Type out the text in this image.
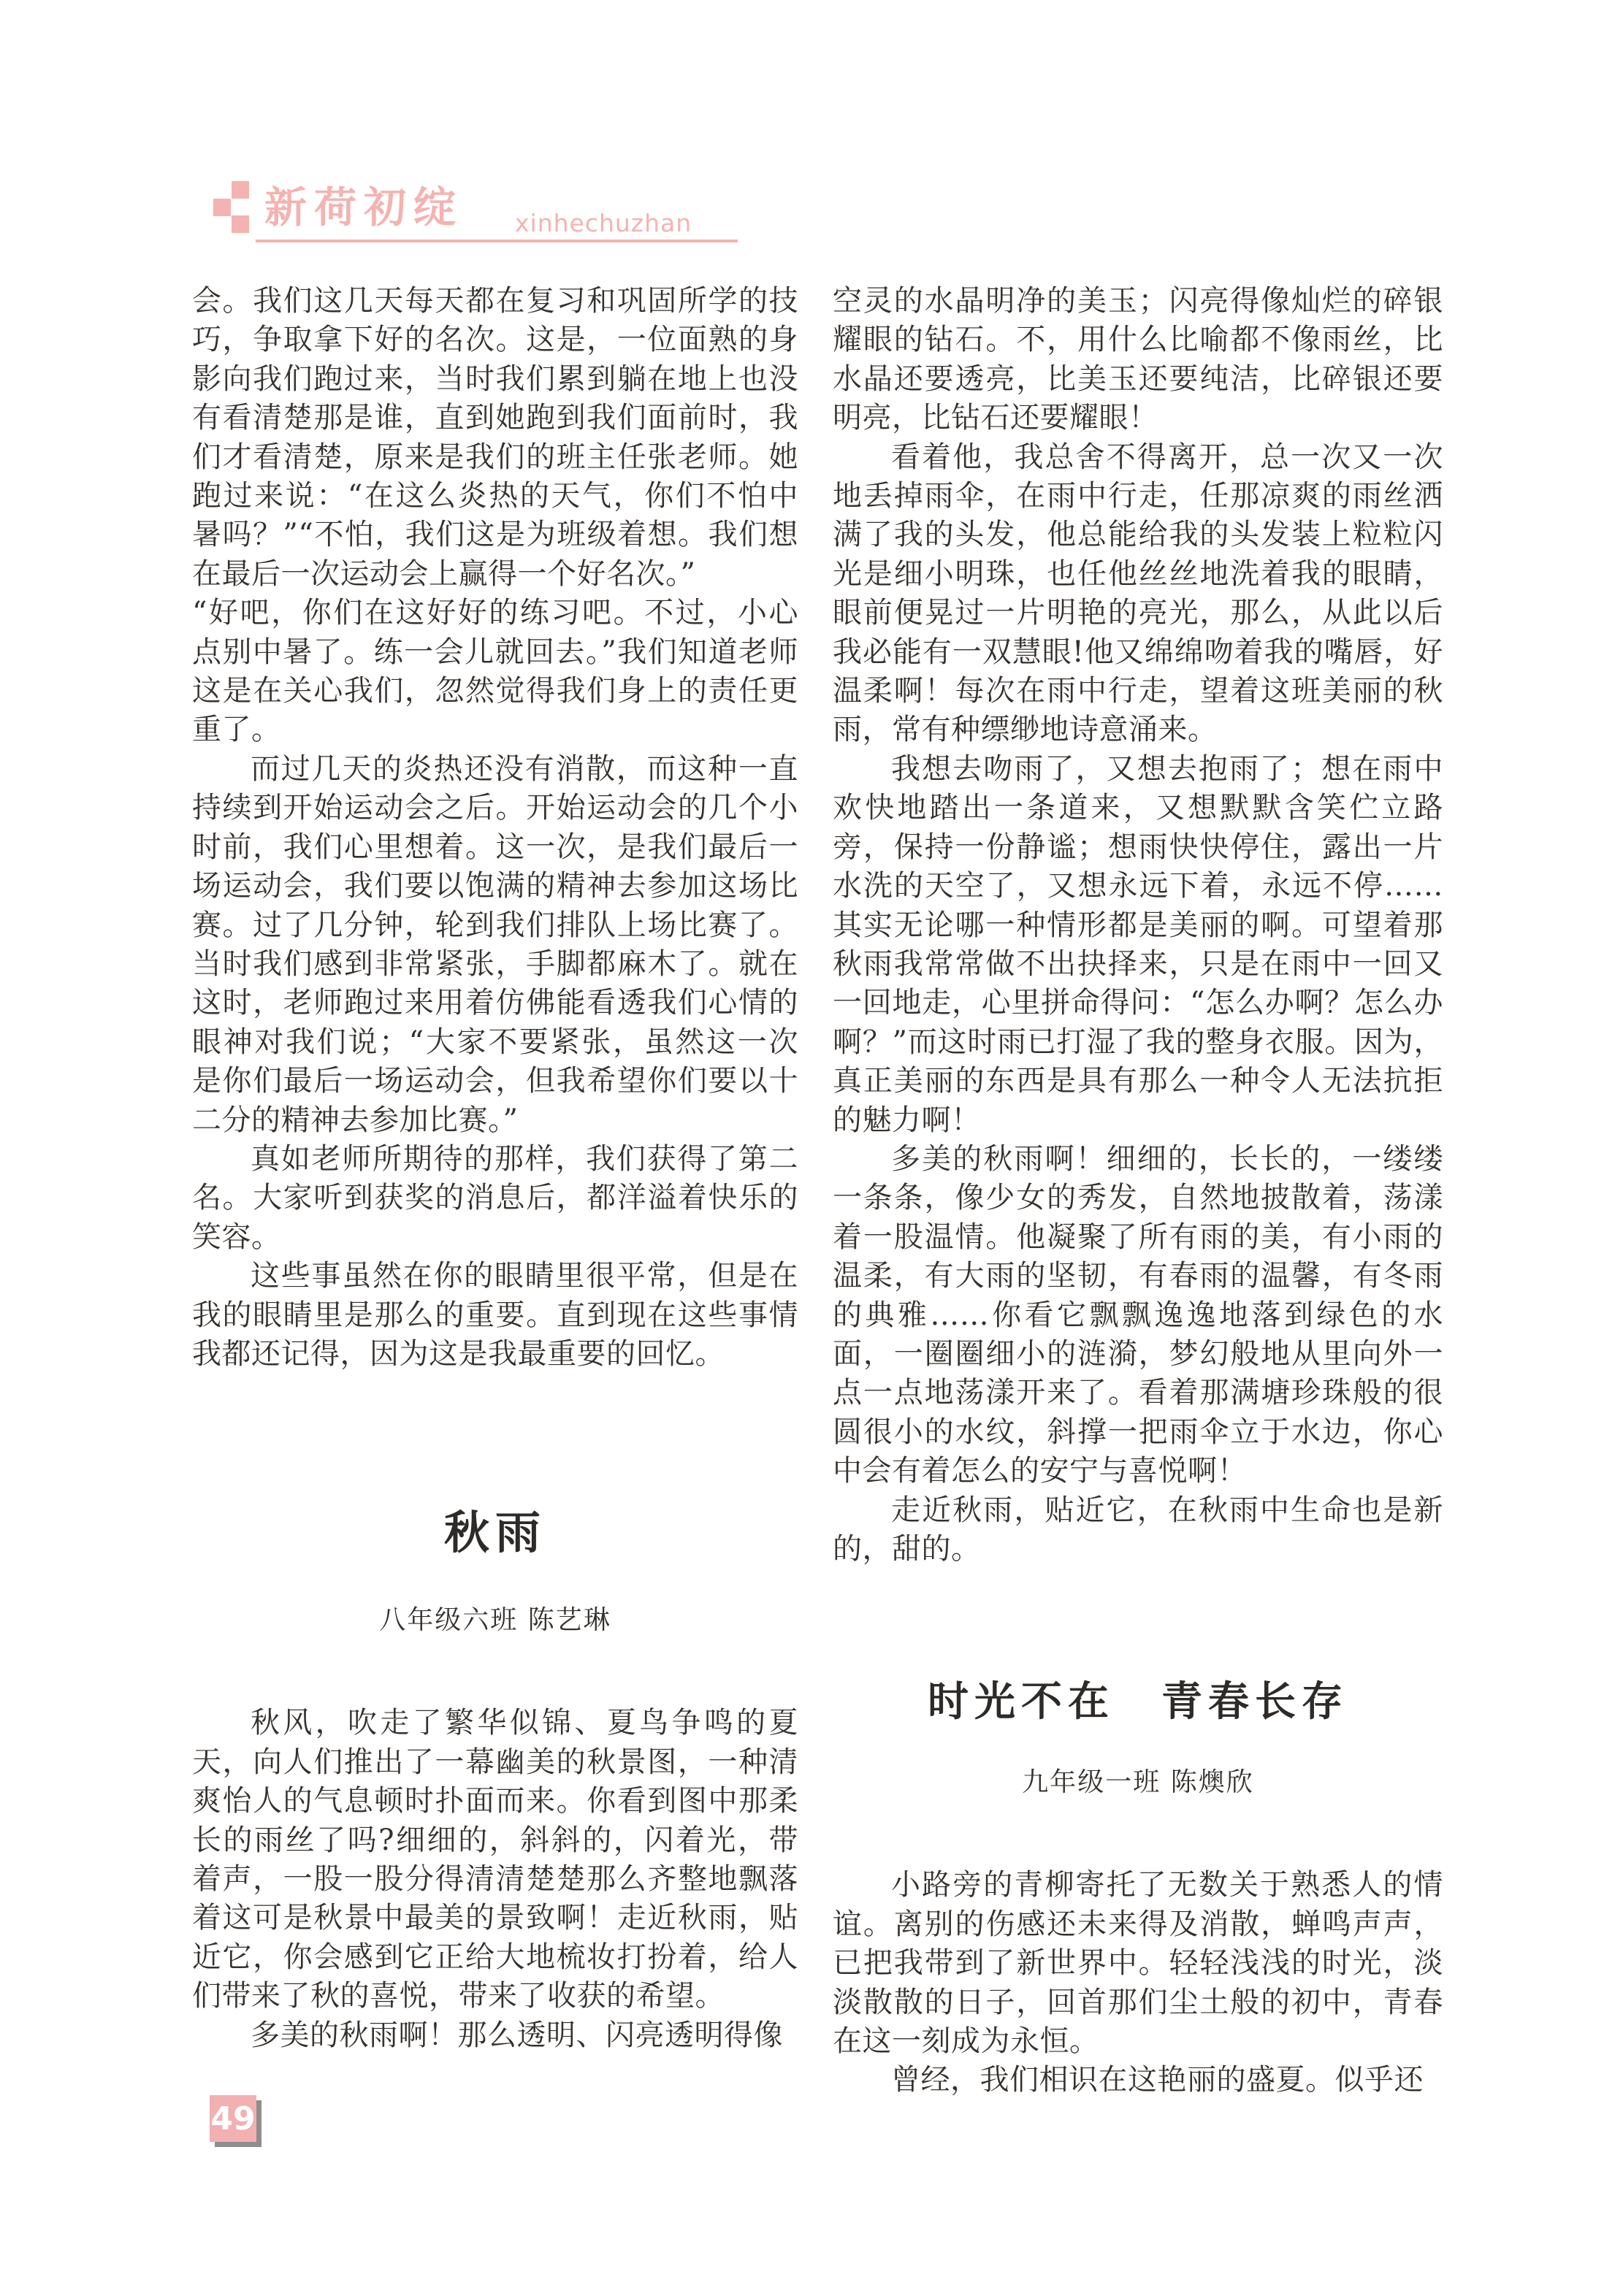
新荷初绽 xinhechuzhan

会。我们这几天每天都在复习和巩固所学的技巧，争取拿下好的名次。这是，一位面熟的身影向我们跑过来，当时我们累到躺在地上也没有看清楚那是谁，直到她跑到我们面前时，我们才看清楚，原来是我们的班主任张老师。她跑过来说：“在这么炎热的天气，你们不怕中暑吗？”“不怕，我们这是为班级着想。我们想在最后一次运动会上赢得一个好名次。”

“好吧，你们在这好好的练习吧。不过，小心点别中暑了。练一会儿就回去。”我们知道老师这是在关心我们，忽然觉得我们身上的责任更重了。

而过几天的炎热还没有消散，而这种一直持续到开始运动会之后。开始运动会的几个小时前，我们心里想着。这一次，是我们最后一场运动会，我们要以饱满的精神去参加这场比赛。过了几分钟，轮到我们排队上场比赛了。当时我们感到非常紧张，手脚都麻木了。就在这时，老师跑过来用着仿佛能看透我们心情的眼神对我们说；“大家不要紧张，虽然这一次是你们最后一场运动会，但我希望你们要以十二分的精神去参加比赛。”

真如老师所期待的那样，我们获得了第二名。大家听到获奖的消息后，都洋溢着快乐的笑容。

这些事虽然在你的眼睛里很平常，但是在我的眼睛里是那么的重要。直到现在这些事情我都还记得，因为这是我最重要的回忆。

秋雨
八年级六班 陈艺琳

秋风，吹走了繁华似锦、夏鸟争鸣的夏天，向人们推出了一幕幽美的秋景图，一种清爽怡人的气息顿时扑面而来。你看到图中那柔长的雨丝了吗?细细的，斜斜的，闪着光，带着声，一股一股分得清清楚楚那么齐整地飘落着这可是秋景中最美的景致啊！走近秋雨，贴近它，你会感到它正给大地梳妆打扮着，给人们带来了秋的喜悦，带来了收获的希望。

多美的秋雨啊！那么透明、闪亮透明得像

空灵的水晶明净的美玉；闪亮得像灿烂的碎银耀眼的钻石。不，用什么比喻都不像雨丝，比水晶还要透亮，比美玉还要纯洁，比碎银还要明亮，比钻石还要耀眼！

看着他，我总舍不得离开，总一次又一次地丢掉雨伞，在雨中行走，任那凉爽的雨丝洒满了我的头发，他总能给我的头发装上粒粒闪光是细小明珠，也任他丝丝地洗着我的眼睛，眼前便晃过一片明艳的亮光，那么，从此以后我必能有一双慧眼!他又绵绵吻着我的嘴唇，好温柔啊！每次在雨中行走，望着这班美丽的秋雨，常有种缥缈地诗意涌来。

我想去吻雨了，又想去抱雨了；想在雨中欢快地踏出一条道来，又想默默含笑伫立路旁，保持一份静谧；想雨快快停住，露出一片水洗的天空了，又想永远下着，永远不停……其实无论哪一种情形都是美丽的啊。可望着那秋雨我常常做不出抉择来，只是在雨中一回又一回地走，心里拼命得问：“怎么办啊？怎么办啊？”而这时雨已打湿了我的整身衣服。因为，真正美丽的东西是具有那么一种令人无法抗拒的魅力啊！

多美的秋雨啊！细细的，长长的，一缕缕一条条，像少女的秀发，自然地披散着，荡漾着一股温情。他凝聚了所有雨的美，有小雨的温柔，有大雨的坚韧，有春雨的温馨，有冬雨的典雅……你看它飘飘逸逸地落到绿色的水面，一圈圈细小的涟漪，梦幻般地从里向外一点一点地荡漾开来了。看着那满塘珍珠般的很圆很小的水纹，斜撑一把雨伞立于水边，你心中会有着怎么的安宁与喜悦啊！

走近秋雨，贴近它，在秋雨中生命也是新的，甜的。

时光不在　青春长存
九年级一班 陈燠欣

小路旁的青柳寄托了无数关于熟悉人的情谊。离别的伤感还未来得及消散，蝉鸣声声，已把我带到了新世界中。轻轻浅浅的时光，淡淡散散的日子，回首那们尘土般的初中，青春在这一刻成为永恒。

曾经，我们相识在这艳丽的盛夏。似乎还

49
